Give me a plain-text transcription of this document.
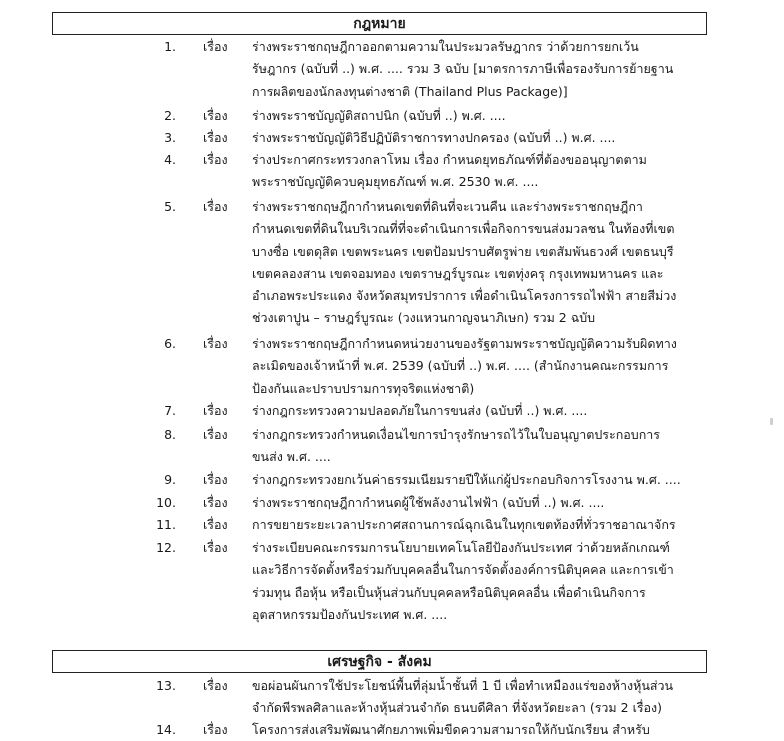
กฎหมาย
1. เรื่อง ร่างพระราชกฤษฎีกาออกตามความในประมวลรัษฎากร ว่าด้วยการยกเว้น
รัษฎากร (ฉบับที่ ..) พ.ศ. .... รวม 3 ฉบับ [มาตรการภาษีเพื่อรองรับการย้ายฐาน
การผลิตของนักลงทุนต่างชาติ (Thailand Plus Package)]
2. เรื่อง ร่างพระราชบัญญัติสถาปนิก (ฉบับที่ ..) พ.ศ. ....
3. เรื่อง ร่างพระราชบัญญัติวิธีปฏิบัติราชการทางปกครอง (ฉบับที่ ..) พ.ศ. ....
4. เรื่อง ร่างประกาศกระทรวงกลาโหม เรื่อง กำหนดยุทธภัณฑ์ที่ต้องขออนุญาตตาม
พระราชบัญญัติควบคุมยุทธภัณฑ์ พ.ศ. 2530 พ.ศ. ....
5. เรื่อง ร่างพระราชกฤษฎีกากำหนดเขตที่ดินที่จะเวนคืน และร่างพระราชกฤษฎีกา
กำหนดเขตที่ดินในบริเวณที่ที่จะดำเนินการเพื่อกิจการขนส่งมวลชน ในท้องที่เขต
บางซื่อ เขตดุสิต เขตพระนคร เขตป้อมปราบศัตรูพ่าย เขตสัมพันธวงศ์ เขตธนบุรี
เขตคลองสาน เขตจอมทอง เขตราษฎร์บูรณะ เขตทุ่งครุ กรุงเทพมหานคร และ
อำเภอพระประแดง จังหวัดสมุทรปราการ เพื่อดำเนินโครงการรถไฟฟ้า สายสีม่วง
ช่วงเตาปูน – ราษฎร์บูรณะ (วงแหวนกาญจนาภิเษก) รวม 2 ฉบับ
6. เรื่อง ร่างพระราชกฤษฎีกากำหนดหน่วยงานของรัฐตามพระราชบัญญัติความรับผิดทาง
ละเมิดของเจ้าหน้าที่ พ.ศ. 2539 (ฉบับที่ ..) พ.ศ. .... (สำนักงานคณะกรรมการ
ป้องกันและปราบปรามการทุจริตแห่งชาติ)
7. เรื่อง ร่างกฎกระทรวงความปลอดภัยในการขนส่ง (ฉบับที่ ..) พ.ศ. ....
8. เรื่อง ร่างกฎกระทรวงกำหนดเงื่อนไขการบำรุงรักษารถไว้ในใบอนุญาตประกอบการ
ขนส่ง พ.ศ. ....
9. เรื่อง ร่างกฎกระทรวงยกเว้นค่าธรรมเนียมรายปีให้แก่ผู้ประกอบกิจการโรงงาน พ.ศ. ....
10. เรื่อง ร่างพระราชกฤษฎีกากำหนดผู้ใช้พลังงานไฟฟ้า (ฉบับที่ ..) พ.ศ. ....
11. เรื่อง การขยายระยะเวลาประกาศสถานการณ์ฉุกเฉินในทุกเขตท้องที่ทั่วราชอาณาจักร
12. เรื่อง ร่างระเบียบคณะกรรมการนโยบายเทคโนโลยีป้องกันประเทศ ว่าด้วยหลักเกณฑ์
และวิธีการจัดตั้งหรือร่วมกับบุคคลอื่นในการจัดตั้งองค์การนิติบุคคล และการเข้า
ร่วมทุน ถือหุ้น หรือเป็นหุ้นส่วนกับบุคคลหรือนิติบุคคลอื่น เพื่อดำเนินกิจการ
อุตสาหกรรมป้องกันประเทศ พ.ศ. ....
เศรษฐกิจ - สังคม
13. เรื่อง ขอผ่อนผันการใช้ประโยชน์พื้นที่ลุ่มน้ำชั้นที่ 1 บี เพื่อทำเหมืองแร่ของห้างหุ้นส่วน
จำกัดพีรพลศิลาและห้างหุ้นส่วนจำกัด ธนบดีศิลา ที่จังหวัดยะลา (รวม 2 เรื่อง)
14. เรื่อง โครงการส่งเสริมพัฒนาศักยภาพเพิ่มขีดความสามารถให้กับนักเรียน สำหรับ
